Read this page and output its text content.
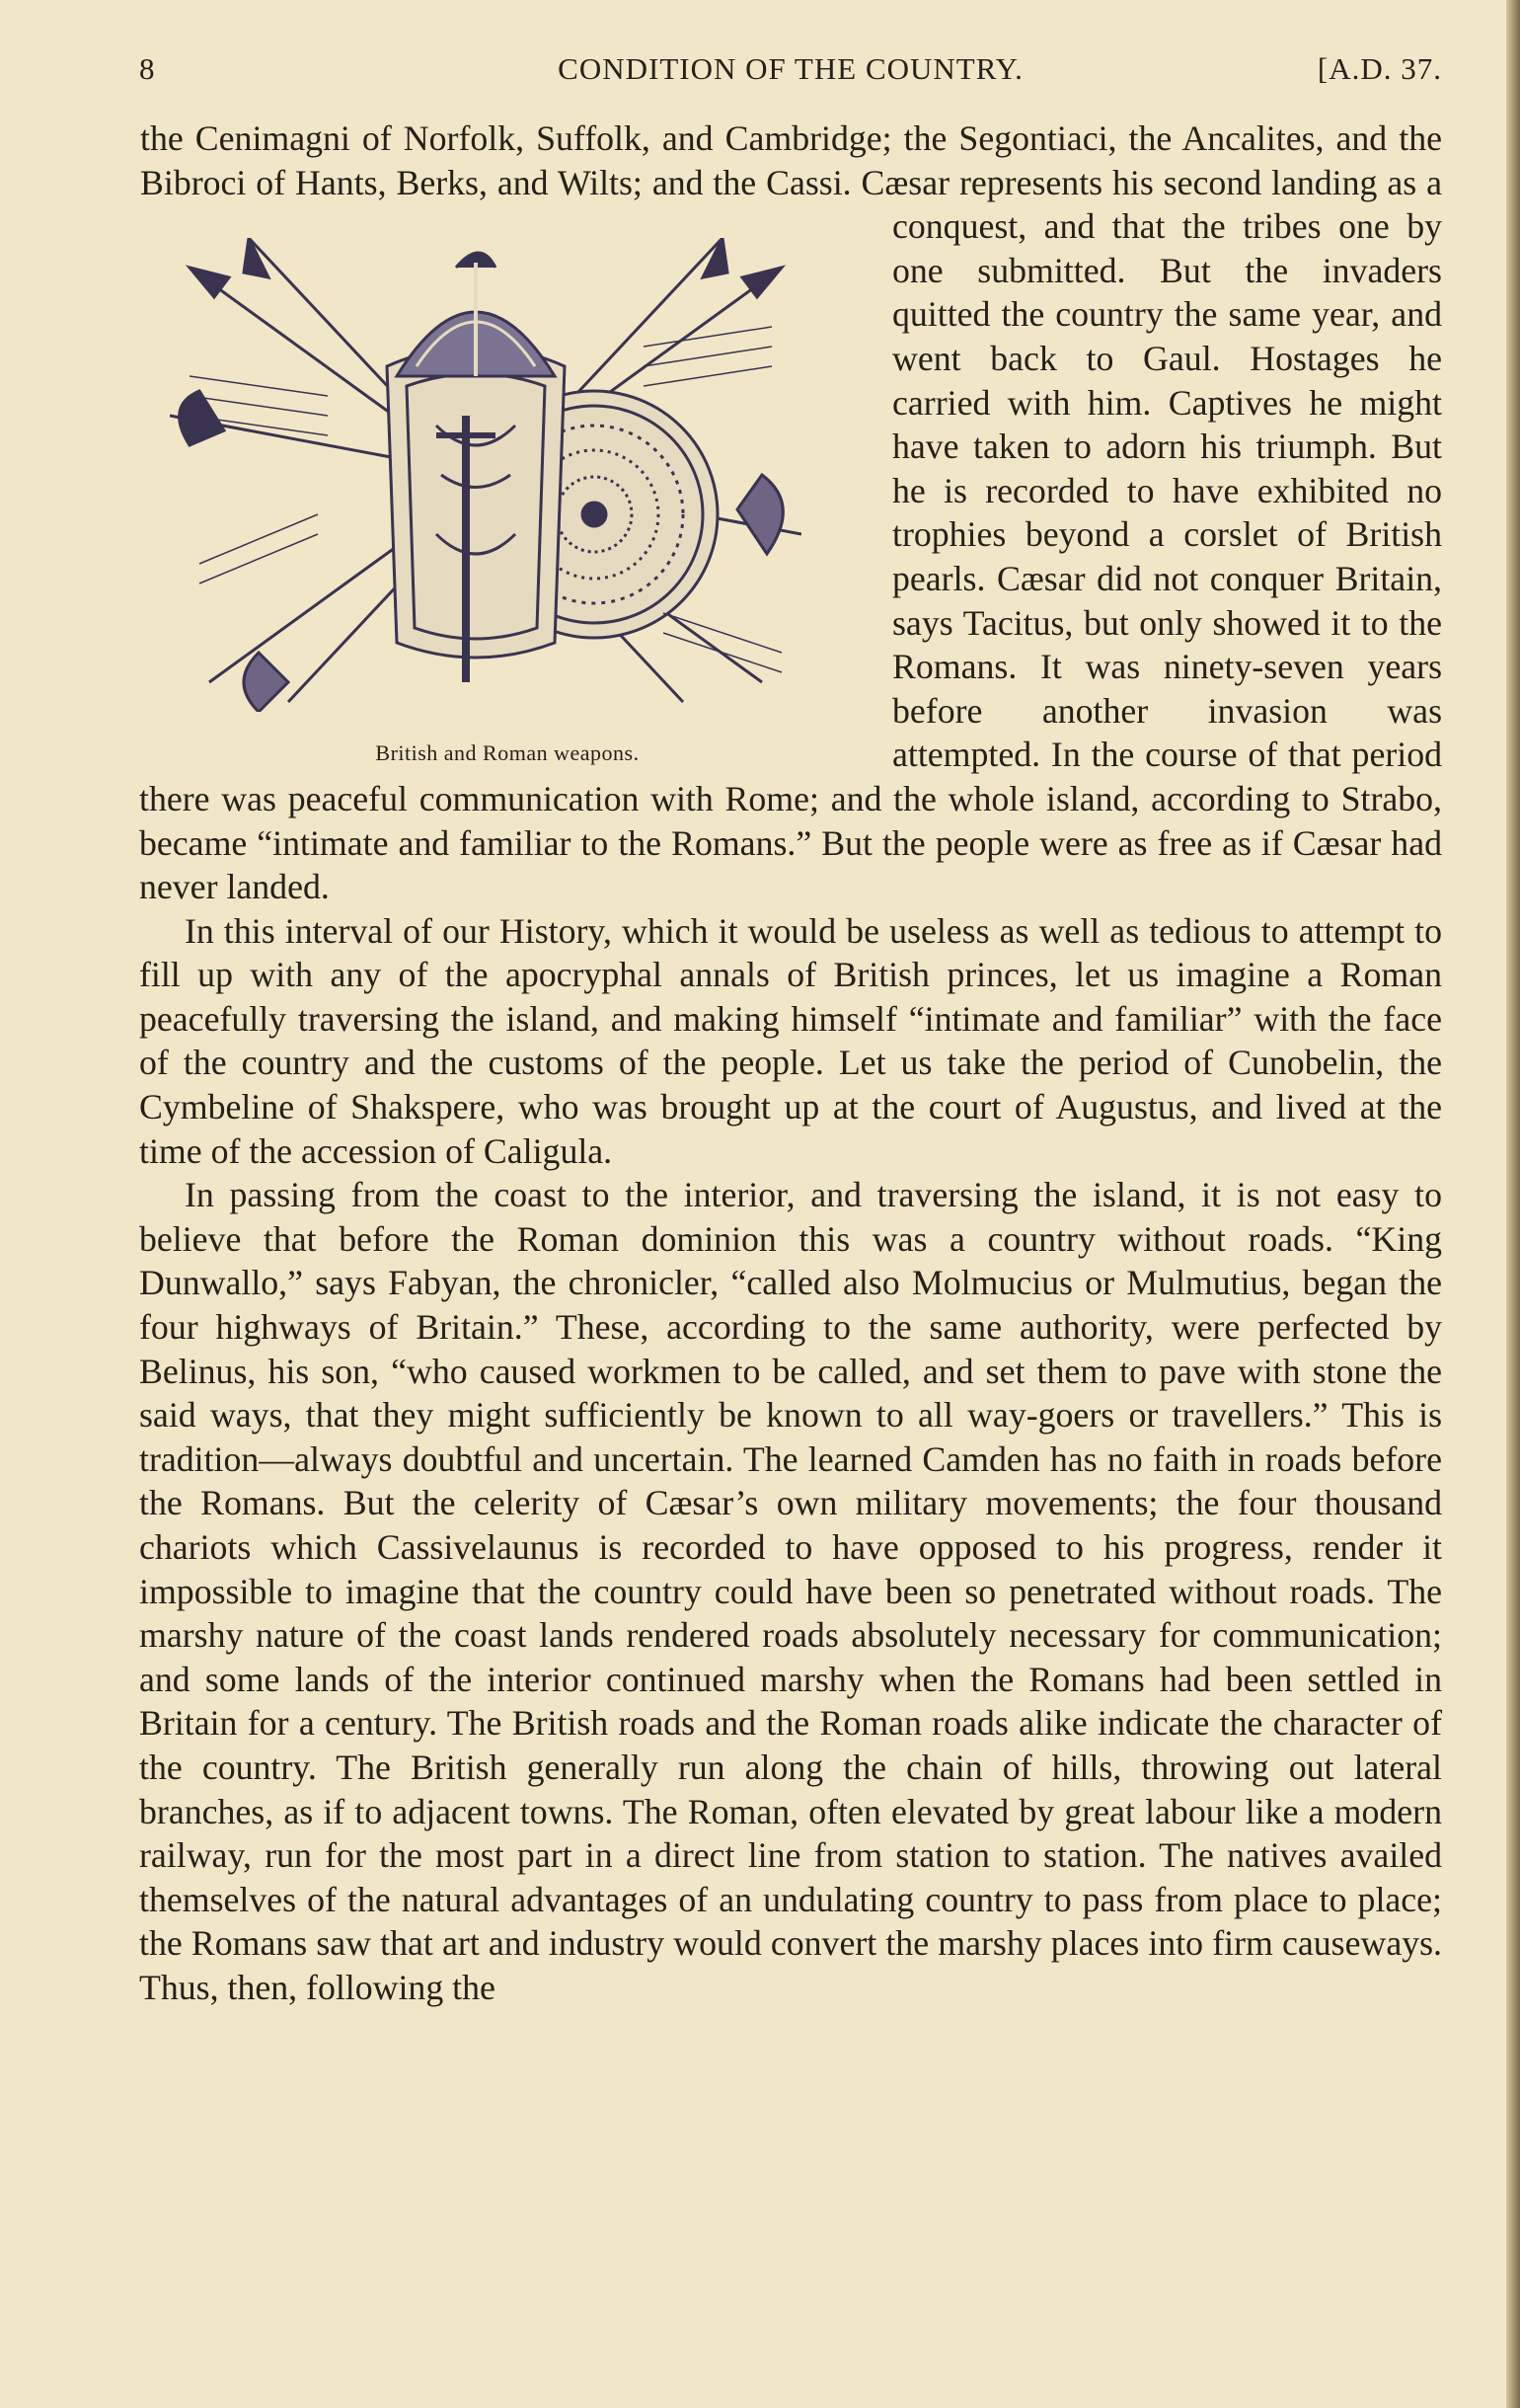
8	CONDITION OF THE COUNTRY.	[A.D. 37.
British and Roman weapons.

the Cenimagni of Norfolk, Suffolk, and Cambridge; the Segontiaci, the Ancalites, and the Bibroci of Hants, Berks, and Wilts; and the Cassi. Cæsar represents his second landing as a conquest, and that the tribes one by one submitted. But the invaders quitted the country the same year, and went back to Gaul. Hostages he carried with him. Captives he might have taken to adorn his triumph. But he is recorded to have exhibited no trophies beyond a corslet of British pearls. Cæsar did not conquer Britain, says Tacitus, but only showed it to the Romans. It was ninety-seven years before another invasion was attempted. In the course of that period there was peaceful communication with Rome; and the whole island, according to Strabo, became “intimate and familiar to the Romans.” But the people were as free as if Cæsar had never landed.

In this interval of our History, which it would be useless as well as tedious to attempt to fill up with any of the apocryphal annals of British princes, let us imagine a Roman peacefully traversing the island, and making himself “intimate and familiar” with the face of the country and the customs of the people. Let us take the period of Cunobelin, the Cymbeline of Shakspere, who was brought up at the court of Augustus, and lived at the time of the accession of Caligula.

In passing from the coast to the interior, and traversing the island, it is not easy to believe that before the Roman dominion this was a country without roads. “King Dunwallo,” says Fabyan, the chronicler, “called also Molmucius or Mulmutius, began the four highways of Britain.” These, according to the same authority, were perfected by Belinus, his son, “who caused workmen to be called, and set them to pave with stone the said ways, that they might sufficiently be known to all way-goers or travellers.” This is tradition—always doubtful and uncertain. The learned Camden has no faith in roads before the Romans. But the celerity of Cæsar’s own military movements; the four thousand chariots which Cassivelaunus is recorded to have opposed to his progress, render it impossible to imagine that the country could have been so penetrated without roads. The marshy nature of the coast lands rendered roads absolutely necessary for communication; and some lands of the interior continued marshy when the Romans had been settled in Britain for a century. The British roads and the Roman roads alike indicate the character of the country. The British generally run along the chain of hills, throwing out lateral branches, as if to adjacent towns. The Roman, often elevated by great labour like a modern railway, run for the most part in a direct line from station to station. The natives availed themselves of the natural advantages of an undulating country to pass from place to place; the Romans saw that art and industry would convert the marshy places into firm causeways. Thus, then, following the
